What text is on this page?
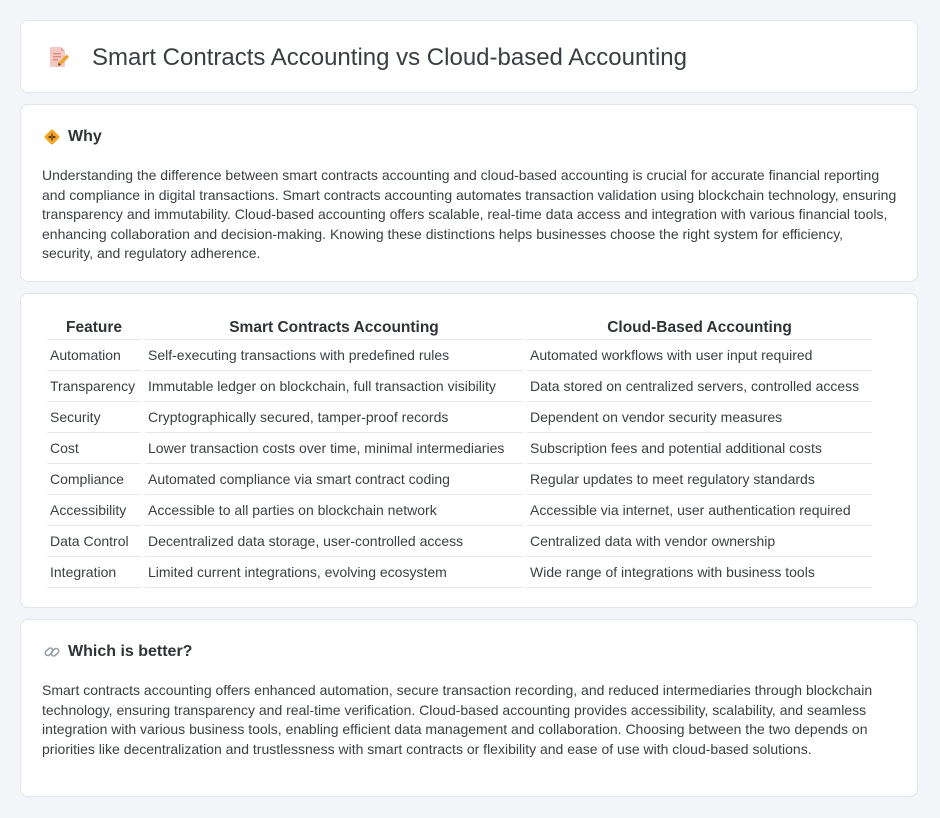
Smart Contracts Accounting vs Cloud-based Accounting
Why
Understanding the difference between smart contracts accounting and cloud-based accounting is crucial for accurate financial reporting and compliance in digital transactions. Smart contracts accounting automates transaction validation using blockchain technology, ensuring transparency and immutability. Cloud-based accounting offers scalable, real-time data access and integration with various financial tools, enhancing collaboration and decision-making. Knowing these distinctions helps businesses choose the right system for efficiency, security, and regulatory adherence.
Feature	Smart Contracts Accounting	Cloud-Based Accounting
Automation	Self-executing transactions with predefined rules	Automated workflows with user input required
Transparency	Immutable ledger on blockchain, full transaction visibility	Data stored on centralized servers, controlled access
Security	Cryptographically secured, tamper-proof records	Dependent on vendor security measures
Cost	Lower transaction costs over time, minimal intermediaries	Subscription fees and potential additional costs
Compliance	Automated compliance via smart contract coding	Regular updates to meet regulatory standards
Accessibility	Accessible to all parties on blockchain network	Accessible via internet, user authentication required
Data Control	Decentralized data storage, user-controlled access	Centralized data with vendor ownership
Integration	Limited current integrations, evolving ecosystem	Wide range of integrations with business tools
Which is better?
Smart contracts accounting offers enhanced automation, secure transaction recording, and reduced intermediaries through blockchain technology, ensuring transparency and real-time verification. Cloud-based accounting provides accessibility, scalability, and seamless integration with various business tools, enabling efficient data management and collaboration. Choosing between the two depends on priorities like decentralization and trustlessness with smart contracts or flexibility and ease of use with cloud-based solutions.
